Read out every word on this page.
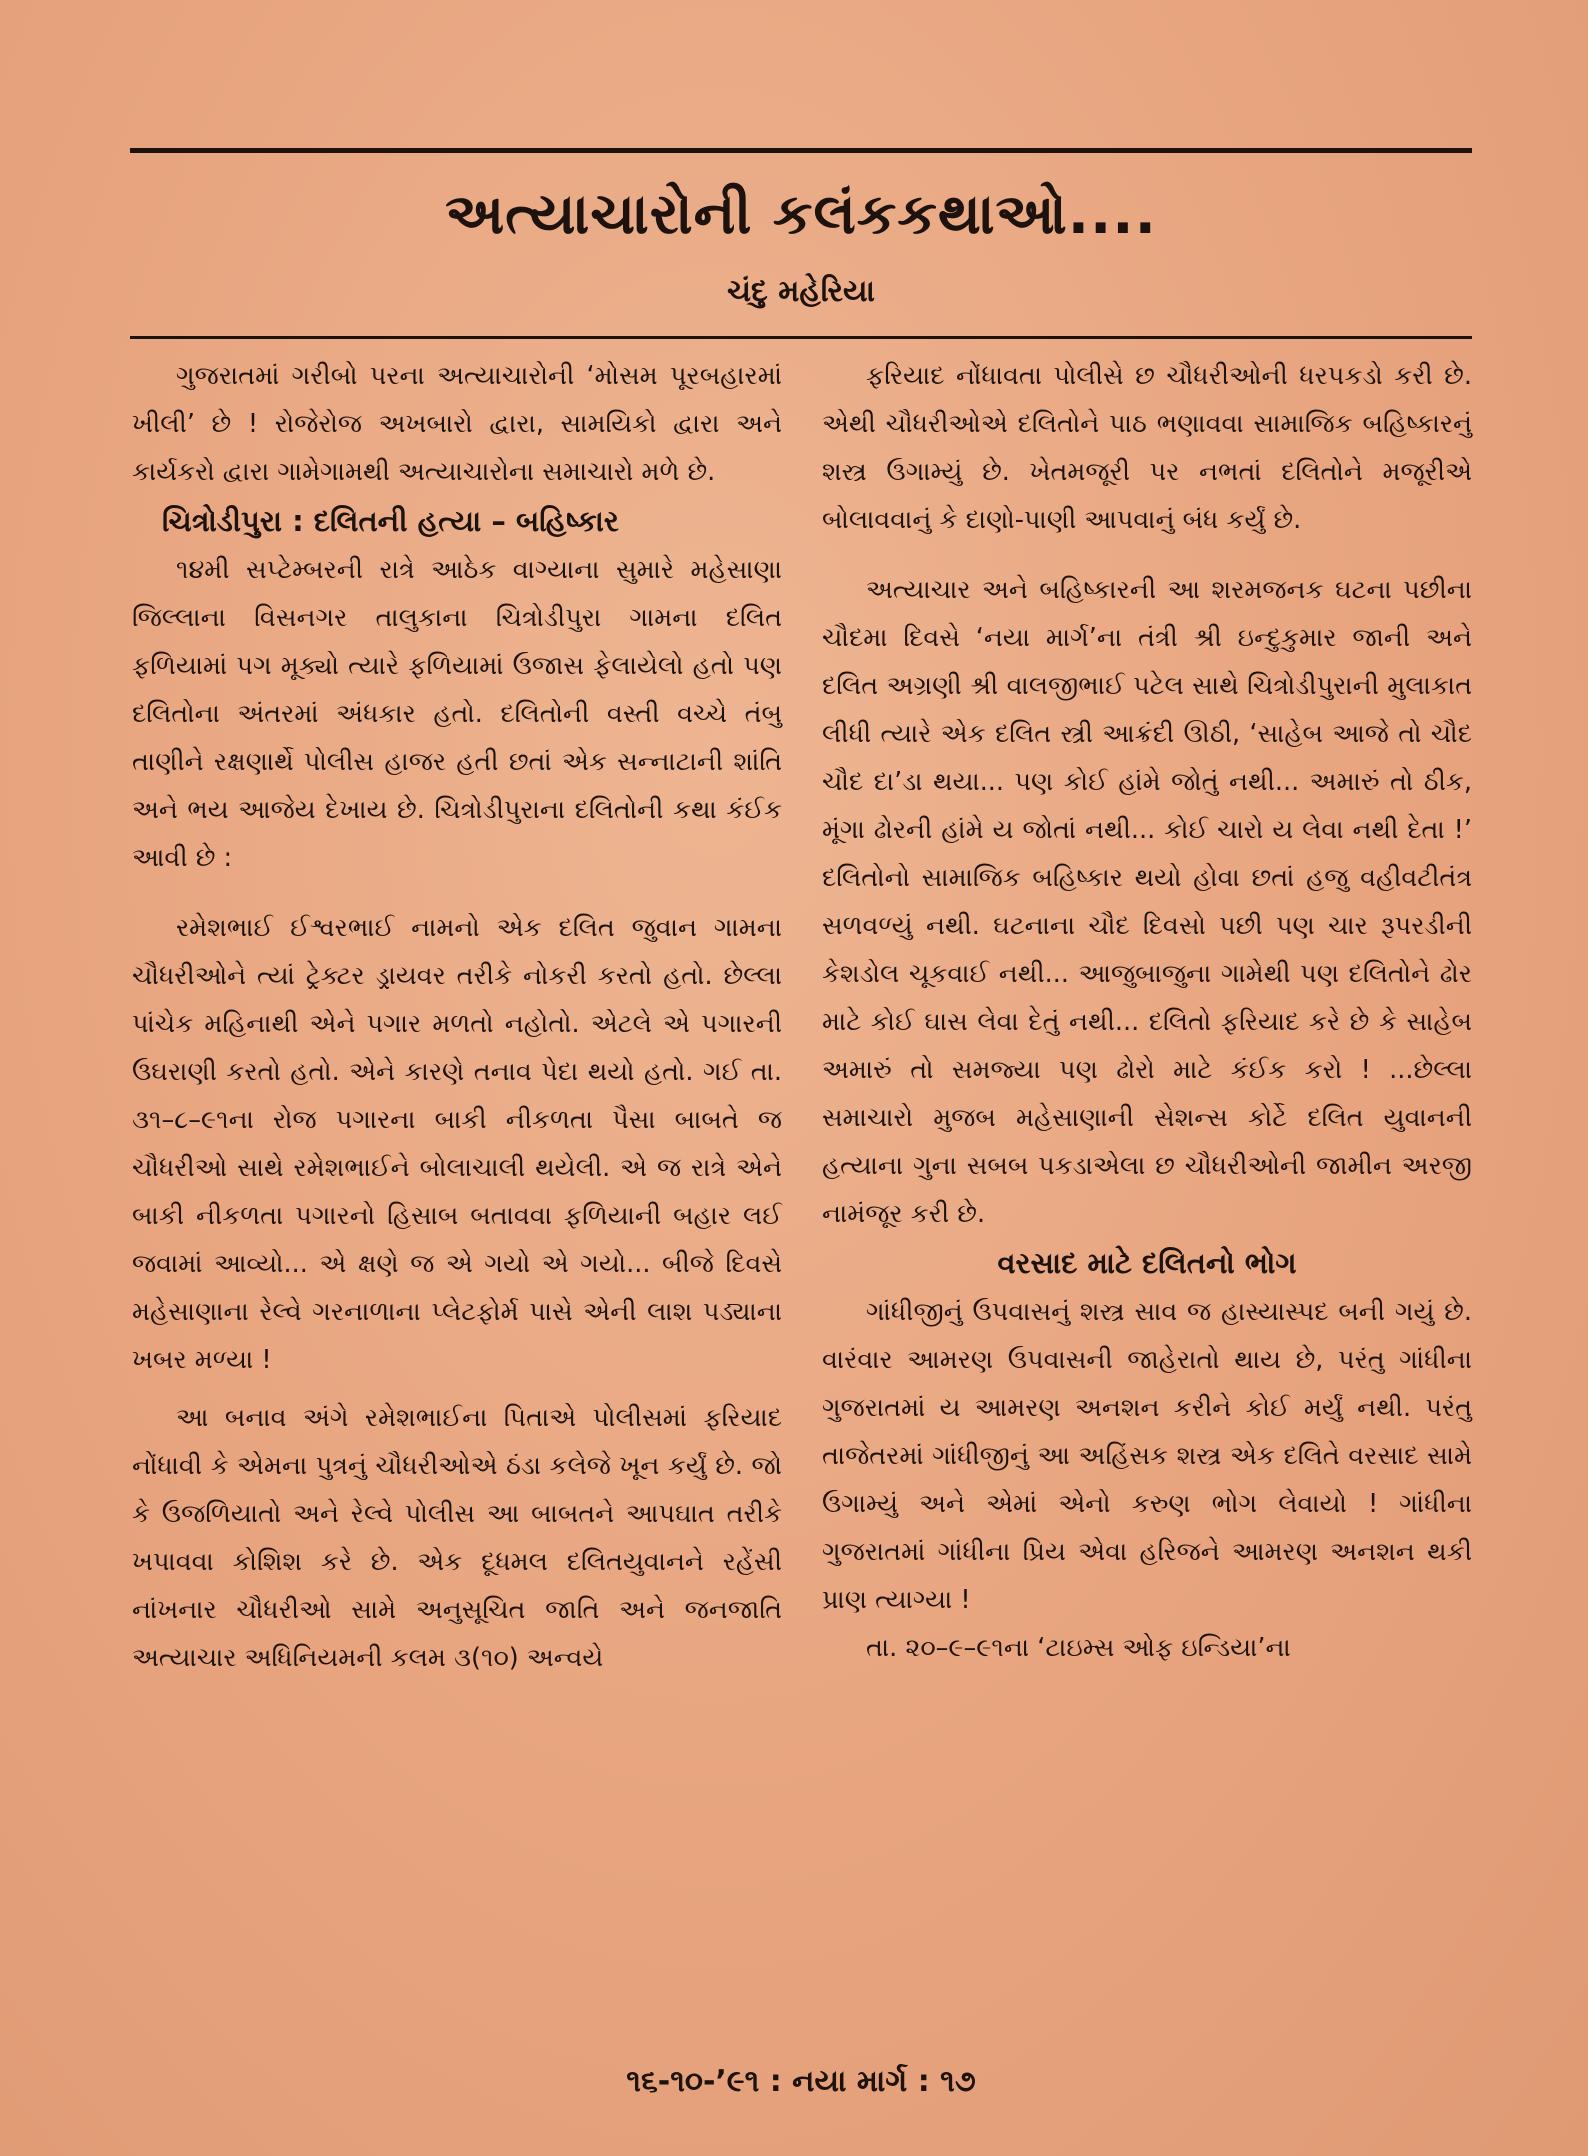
અત્યાચારોની કલંકકથાઓ....
ચંદુ મહેરિયા

ગુજરાતમાં ગરીબો પરના અત્યાચારોની ‘મોસમ પૂરબહારમાં ખીલી’ છે ! રોજેરોજ અખબારો દ્વારા, સામયિકો દ્વારા અને કાર્યકરો દ્વારા ગામેગામથી અત્યાચારોના સમાચારો મળે છે.

ચિત્રોડીપુરા : દલિતની હત્યા – બહિષ્કાર

૧૪મી સપ્ટેમ્બરની રાત્રે આઠેક વાગ્યાના સુમારે મહેસાણા જિલ્લાના વિસનગર તાલુકાના ચિત્રોડીપુરા ગામના દલિત ફળિયામાં પગ મૂક્યો ત્યારે ફળિયામાં ઉજાસ ફેલાયેલો હતો પણ દલિતોના અંતરમાં અંધકાર હતો. દલિતોની વસ્તી વચ્ચે તંબુ તાણીને રક્ષણાર્થે પોલીસ હાજર હતી છતાં એક સન્નાટાની શાંતિ અને ભય આજેય દેખાય છે. ચિત્રોડીપુરાના દલિતોની કથા કંઈક આવી છે :

રમેશભાઈ ઈશ્વરભાઈ નામનો એક દલિત જુવાન ગામના ચૌધરીઓને ત્યાં ટ્રેક્ટર ડ્રાયવર તરીકે નોકરી કરતો હતો. છેલ્લા પાંચેક મહિનાથી એને પગાર મળતો નહોતો. એટલે એ પગારની ઉઘરાણી કરતો હતો. એને કારણે તનાવ પેદા થયો હતો. ગઈ તા. ૩૧–૮–૯૧ના રોજ પગારના બાકી નીકળતા પૈસા બાબતે જ ચૌધરીઓ સાથે રમેશભાઈને બોલાચાલી થયેલી. એ જ રાત્રે એને બાકી નીકળતા પગારનો હિસાબ બતાવવા ફળિયાની બહાર લઈ જવામાં આવ્યો... એ ક્ષણે જ એ ગયો એ ગયો... બીજે દિવસે મહેસાણાના રેલ્વે ગરનાળાના પ્લેટફોર્મ પાસે એની લાશ પડ્યાના ખબર મળ્યા !

આ બનાવ અંગે રમેશભાઈના પિતાએ પોલીસમાં ફરિયાદ નોંધાવી કે એમના પુત્રનું ચૌધરીઓએ ઠંડા કલેજે ખૂન કર્યું છે. જો કે ઉજળિયાતો અને રેલ્વે પોલીસ આ બાબતને આપઘાત તરીકે ખપાવવા કોશિશ કરે છે. એક દૂધમલ દલિતયુવાનને રહેંસી નાંખનાર ચૌધરીઓ સામે અનુસૂચિત જાતિ અને જનજાતિ અત્યાચાર અધિનિયમની કલમ ૩(૧૦) અન્વયે

ફરિયાદ નોંધાવતા પોલીસે છ ચૌધરીઓની ધરપકડો કરી છે. એથી ચૌધરીઓએ દલિતોને પાઠ ભણાવવા સામાજિક બહિષ્કારનું શસ્ત્ર ઉગામ્યું છે. ખેતમજૂરી પર નભતાં દલિતોને મજૂરીએ બોલાવવાનું કે દાણો-પાણી આપવાનું બંધ કર્યું છે.

અત્યાચાર અને બહિષ્કારની આ શરમજનક ઘટના પછીના ચૌદમા દિવસે ‘નયા માર્ગ’ના તંત્રી શ્રી ઇન્દુકુમાર જાની અને દલિત અગ્રણી શ્રી વાલજીભાઈ પટેલ સાથે ચિત્રોડીપુરાની મુલાકાત લીધી ત્યારે એક દલિત સ્ત્રી આક્રંદી ઊઠી, ‘સાહેબ આજે તો ચૌદ ચૌદ દા’ડા થયા... પણ કોઈ હાંમે જોતું નથી... અમારું તો ઠીક, મૂંગા ઢોરની હાંમે ય જોતાં નથી... કોઈ ચારો ય લેવા નથી દેતા !’ દલિતોનો સામાજિક બહિષ્કાર થયો હોવા છતાં હજુ વહીવટીતંત્ર સળવળ્યું નથી. ઘટનાના ચૌદ દિવસો પછી પણ ચાર રૂપરડીની કેશડોલ ચૂકવાઈ નથી... આજુબાજુના ગામેથી પણ દલિતોને ઢોર માટે કોઈ ઘાસ લેવા દેતું નથી... દલિતો ફરિયાદ કરે છે કે સાહેબ અમારું તો સમજ્યા પણ ઢોરો માટે કંઈક કરો ! ...છેલ્લા સમાચારો મુજબ મહેસાણાની સેશન્સ કોર્ટે દલિત યુવાનની હત્યાના ગુના સબબ પકડાએલા છ ચૌધરીઓની જામીન અરજી નામંજૂર કરી છે.

વરસાદ માટે દલિતનો ભોગ

ગાંધીજીનું ઉપવાસનું શસ્ત્ર સાવ જ હાસ્યાસ્પદ બની ગયું છે. વારંવાર આમરણ ઉપવાસની જાહેરાતો થાય છે, પરંતુ ગાંધીના ગુજરાતમાં ય આમરણ અનશન કરીને કોઈ મર્યું નથી. પરંતુ તાજેતરમાં ગાંધીજીનું આ અહિંસક શસ્ત્ર એક દલિતે વરસાદ સામે ઉગામ્યું અને એમાં એનો કરુણ ભોગ લેવાયો ! ગાંધીના ગુજરાતમાં ગાંધીના પ્રિય એવા હરિજને આમરણ અનશન થકી પ્રાણ ત્યાગ્યા !

તા. ૨૦–૯–૯૧ના ‘ટાઇમ્સ ઓફ ઇન્ડિયા’ના

૧૬-૧૦-’૯૧ : નયા માર્ગ : ૧૭
